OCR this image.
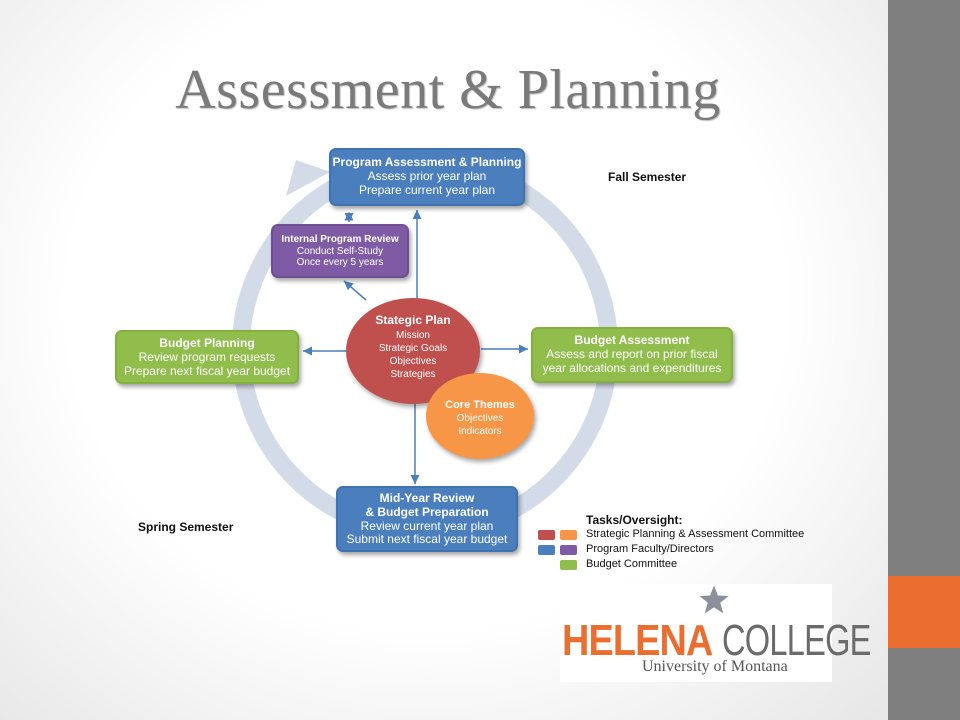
Assessment & Planning
Program Assessment & Planning
Assess prior year plan
Prepare current year plan
Internal Program Review
Conduct Self-Study
Once every 5 years
Budget Planning
Review program requests
Prepare next fiscal year budget
Budget Assessment
Assess and report on prior fiscal
year allocations and expenditures
Mid-Year Review
& Budget Preparation
Review current year plan
Submit next fiscal year budget
Stategic Plan
Mission
Strategic Goals
Objectives
Strategies
Core Themes
Objectives
Indicators
Fall Semester
Spring Semester	Tasks/Oversight:
Strategic Planning & Assessment Committee
Program Faculty/Directors
Budget Committee
HELENA COLLEGE
University of Montana
